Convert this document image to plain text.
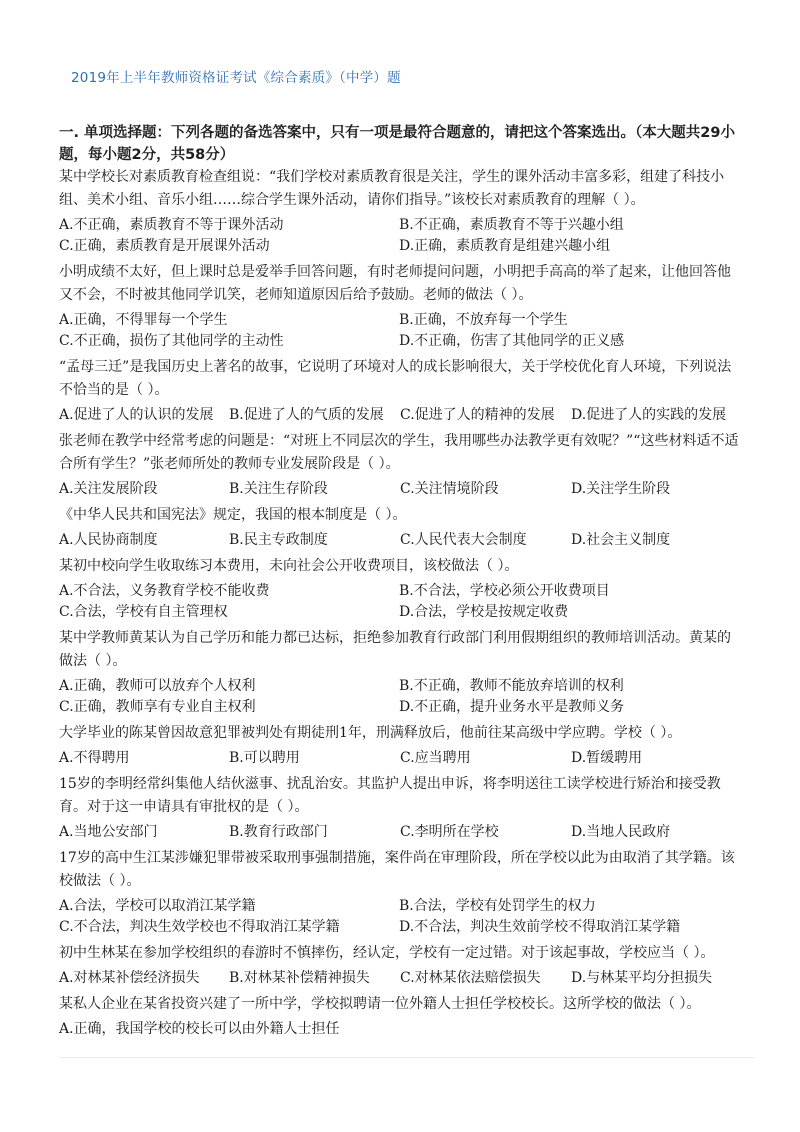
2019年上半年教师资格证考试《综合素质》（中学）题
一. 单项选择题：下列各题的备选答案中，只有一项是最符合题意的，请把这个答案选出。（本大题共29小题，每小题2分，共58分）
某中学校长对素质教育检查组说：“我们学校对素质教育很是关注，学生的课外活动丰富多彩，组建了科技小组、美术小组、音乐小组……综合学生课外活动，请你们指导。”该校长对素质教育的理解（ ）。
A.不正确，素质教育不等于课外活动	B.不正确，素质教育不等于兴趣小组
C.正确，素质教育是开展课外活动	D.正确，素质教育是组建兴趣小组
小明成绩不太好，但上课时总是爱举手回答问题，有时老师提问问题，小明把手高高的举了起来，让他回答他又不会，不时被其他同学讥笑，老师知道原因后给予鼓励。老师的做法（ ）。
A.正确，不得罪每一个学生	B.正确，不放弃每一个学生
C.不正确，损伤了其他同学的主动性	D.不正确，伤害了其他同学的正义感
“孟母三迁”是我国历史上著名的故事，它说明了环境对人的成长影响很大，关于学校优化育人环境，下列说法不恰当的是（ ）。
A.促进了人的认识的发展	B.促进了人的气质的发展	C.促进了人的精神的发展	D.促进了人的实践的发展
张老师在教学中经常考虑的问题是：“对班上不同层次的学生，我用哪些办法教学更有效呢？”“这些材料适不适合所有学生？”张老师所处的教师专业发展阶段是（ ）。
A.关注发展阶段	B.关注生存阶段	C.关注情境阶段	D.关注学生阶段
《中华人民共和国宪法》规定，我国的根本制度是（ ）。
A.人民协商制度	B.民主专政制度	C.人民代表大会制度	D.社会主义制度
某初中校向学生收取练习本费用，未向社会公开收费项目，该校做法（ ）。
A.不合法，义务教育学校不能收费	B.不合法，学校必须公开收费项目
C.合法，学校有自主管理权	D.合法，学校是按规定收费
某中学教师黄某认为自己学历和能力都已达标，拒绝参加教育行政部门利用假期组织的教师培训活动。黄某的做法（ ）。
A.正确，教师可以放弃个人权利	B.不正确，教师不能放弃培训的权利
C.正确，教师享有专业自主权利	D.不正确，提升业务水平是教师义务
大学毕业的陈某曾因故意犯罪被判处有期徒刑1年，刑满释放后，他前往某高级中学应聘。学校（ ）。
A.不得聘用	B.可以聘用	C.应当聘用	D.暂缓聘用
15岁的李明经常纠集他人结伙滋事、扰乱治安。其监护人提出申诉，将李明送往工读学校进行矫治和接受教育。对于这一申请具有审批权的是（ ）。
A.当地公安部门	B.教育行政部门	C.李明所在学校	D.当地人民政府
17岁的高中生江某涉嫌犯罪带被采取刑事强制措施，案件尚在审理阶段，所在学校以此为由取消了其学籍。该校做法（ ）。
A.合法，学校可以取消江某学籍	B.合法，学校有处罚学生的权力
C.不合法，判决生效学校也不得取消江某学籍	D.不合法，判决生效前学校不得取消江某学籍
初中生林某在参加学校组织的春游时不慎摔伤，经认定，学校有一定过错。对于该起事故，学校应当（ ）。
A.对林某补偿经济损失	B.对林某补偿精神损失	C.对林某依法赔偿损失	D.与林某平均分担损失
某私人企业在某省投资兴建了一所中学，学校拟聘请一位外籍人士担任学校校长。这所学校的做法（ ）。
A.正确，我国学校的校长可以由外籍人士担任
